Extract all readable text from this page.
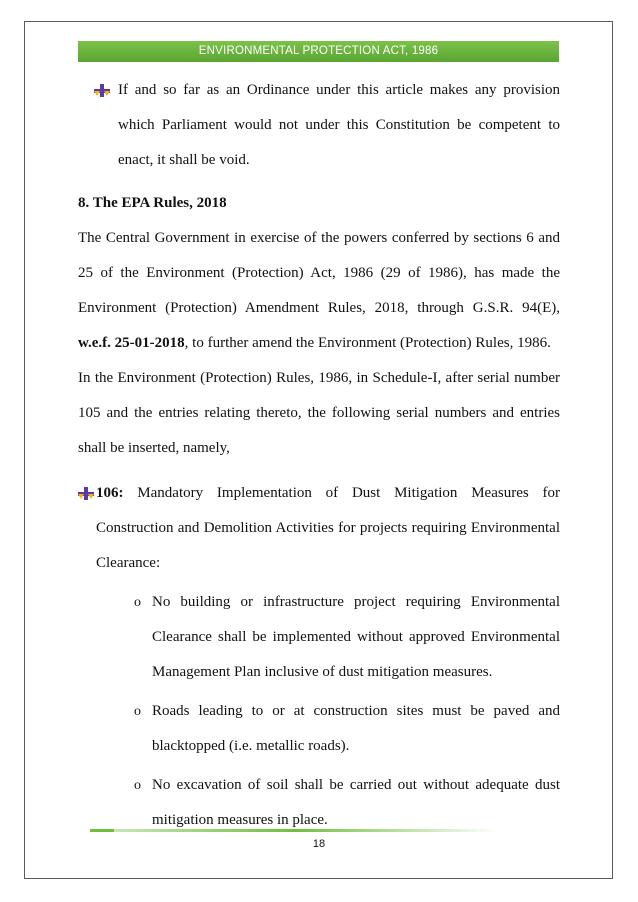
ENVIRONMENTAL PROTECTION ACT, 1986

If and so far as an Ordinance under this article makes any provision which Parliament would not under this Constitution be competent to enact, it shall be void.

8. The EPA Rules, 2018

The Central Government in exercise of the powers conferred by sections 6 and 25 of the Environment (Protection) Act, 1986 (29 of 1986), has made the Environment (Protection) Amendment Rules, 2018, through G.S.R. 94(E), w.e.f. 25-01-2018, to further amend the Environment (Protection) Rules, 1986.

In the Environment (Protection) Rules, 1986, in Schedule-I, after serial number 105 and the entries relating thereto, the following serial numbers and entries shall be inserted, namely,

106: Mandatory Implementation of Dust Mitigation Measures for Construction and Demolition Activities for projects requiring Environmental Clearance:

o No building or infrastructure project requiring Environmental Clearance shall be implemented without approved Environmental Management Plan inclusive of dust mitigation measures.

o Roads leading to or at construction sites must be paved and blacktopped (i.e. metallic roads).

o No excavation of soil shall be carried out without adequate dust mitigation measures in place.

18
